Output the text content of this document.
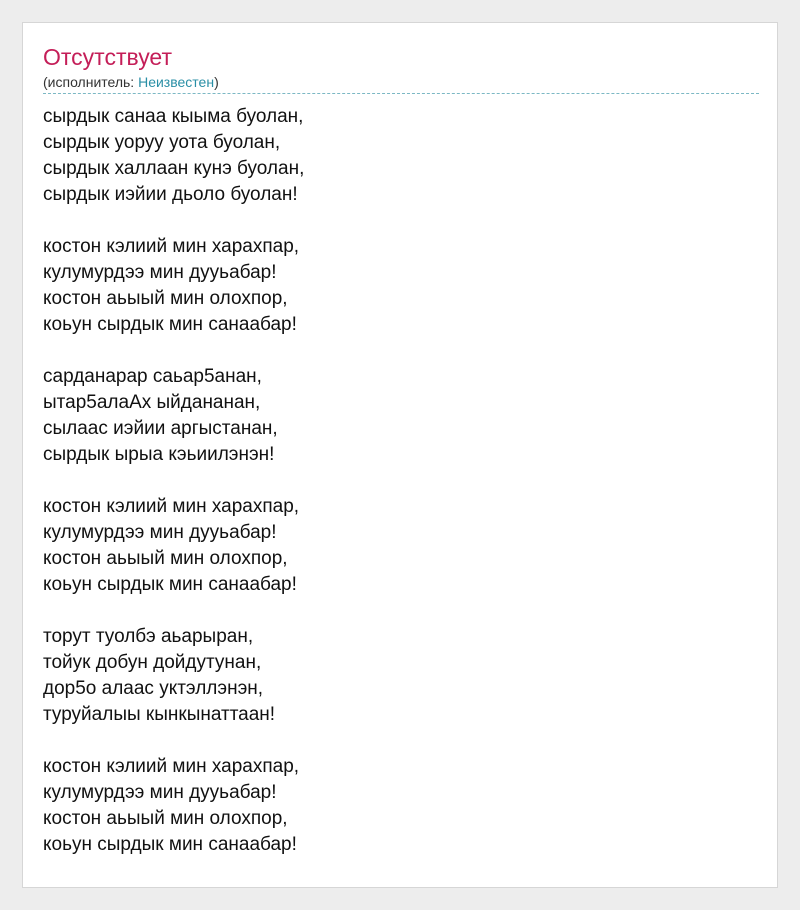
Отсутствует
(исполнитель: Неизвестен)
сырдык санаа кыыма буолан,
сырдык уоруу уота буолан,
сырдык халлаан кунэ буолан,
сырдык иэйии дьоло буолан!
костон кэлиий мин харахпар,
кулумурдээ мин дууьабар!
костон аьыый мин олохпор,
коьун сырдык мин санаабар!
сарданарар саьар5анан,
ытар5алаАх ыйдананан,
сылаас иэйии аргыстанан,
сырдык ырыа кэьиилэнэн!
костон кэлиий мин харахпар,
кулумурдээ мин дууьабар!
костон аьыый мин олохпор,
коьун сырдык мин санаабар!
торут туолбэ аьарыран,
тойук добун дойдутунан,
дор5о алаас уктэллэнэн,
туруйалыы кынкынаттаан!
костон кэлиий мин харахпар,
кулумурдээ мин дууьабар!
костон аьыый мин олохпор,
коьун сырдык мин санаабар!
